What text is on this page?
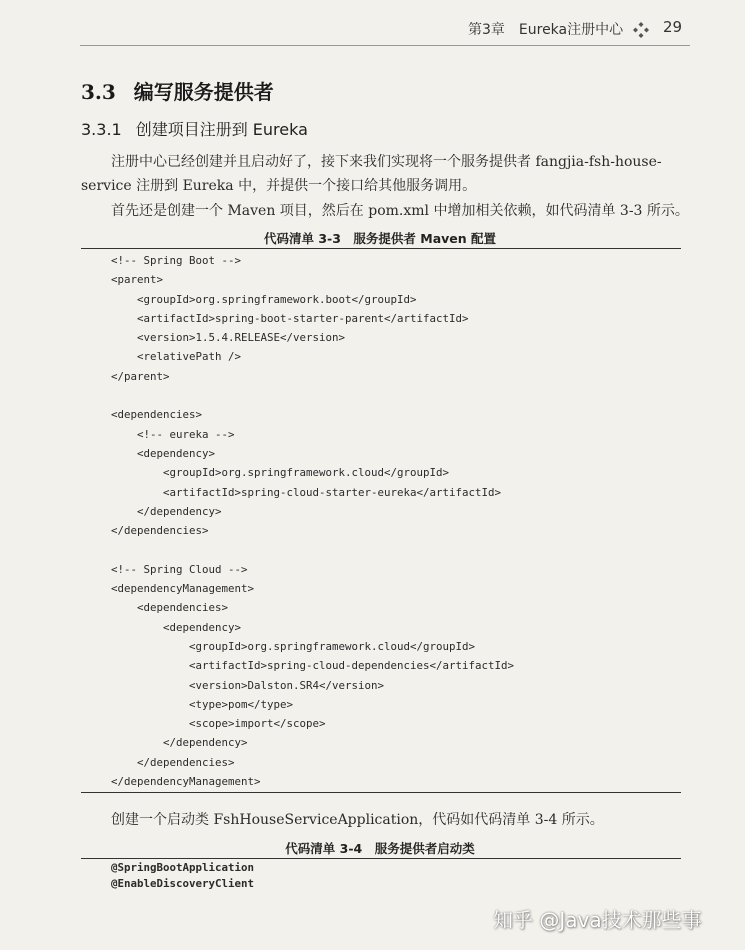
第3章　Eureka注册中心	29
3.3 编写服务提供者
3.3.1 创建项目注册到 Eureka

注册中心已经创建并且启动好了，接下来我们实现将一个服务提供者 fangjia-fsh-house-service 注册到 Eureka 中，并提供一个接口给其他服务调用。

首先还是创建一个 Maven 项目，然后在 pom.xml 中增加相关依赖，如代码清单 3-3 所示。

代码清单 3-3　服务提供者 Maven 配置
<!-- Spring Boot -->
<parent>
<groupId>org.springframework.boot</groupId>
<artifactId>spring-boot-starter-parent</artifactId>
<version>1.5.4.RELEASE</version>
<relativePath />
</parent>
<dependencies>
<!-- eureka -->
<dependency>
<groupId>org.springframework.cloud</groupId>
<artifactId>spring-cloud-starter-eureka</artifactId>
</dependency>
</dependencies>
<!-- Spring Cloud -->
<dependencyManagement>
<dependencies>
<dependency>
<groupId>org.springframework.cloud</groupId>
<artifactId>spring-cloud-dependencies</artifactId>
<version>Dalston.SR4</version>
<type>pom</type>
<scope>import</scope>
</dependency>
</dependencies>
</dependencyManagement>

创建一个启动类 FshHouseServiceApplication，代码如代码清单 3-4 所示。

代码清单 3-4　服务提供者启动类
@SpringBootApplication
@EnableDiscoveryClient
知乎 @Java技术那些事
